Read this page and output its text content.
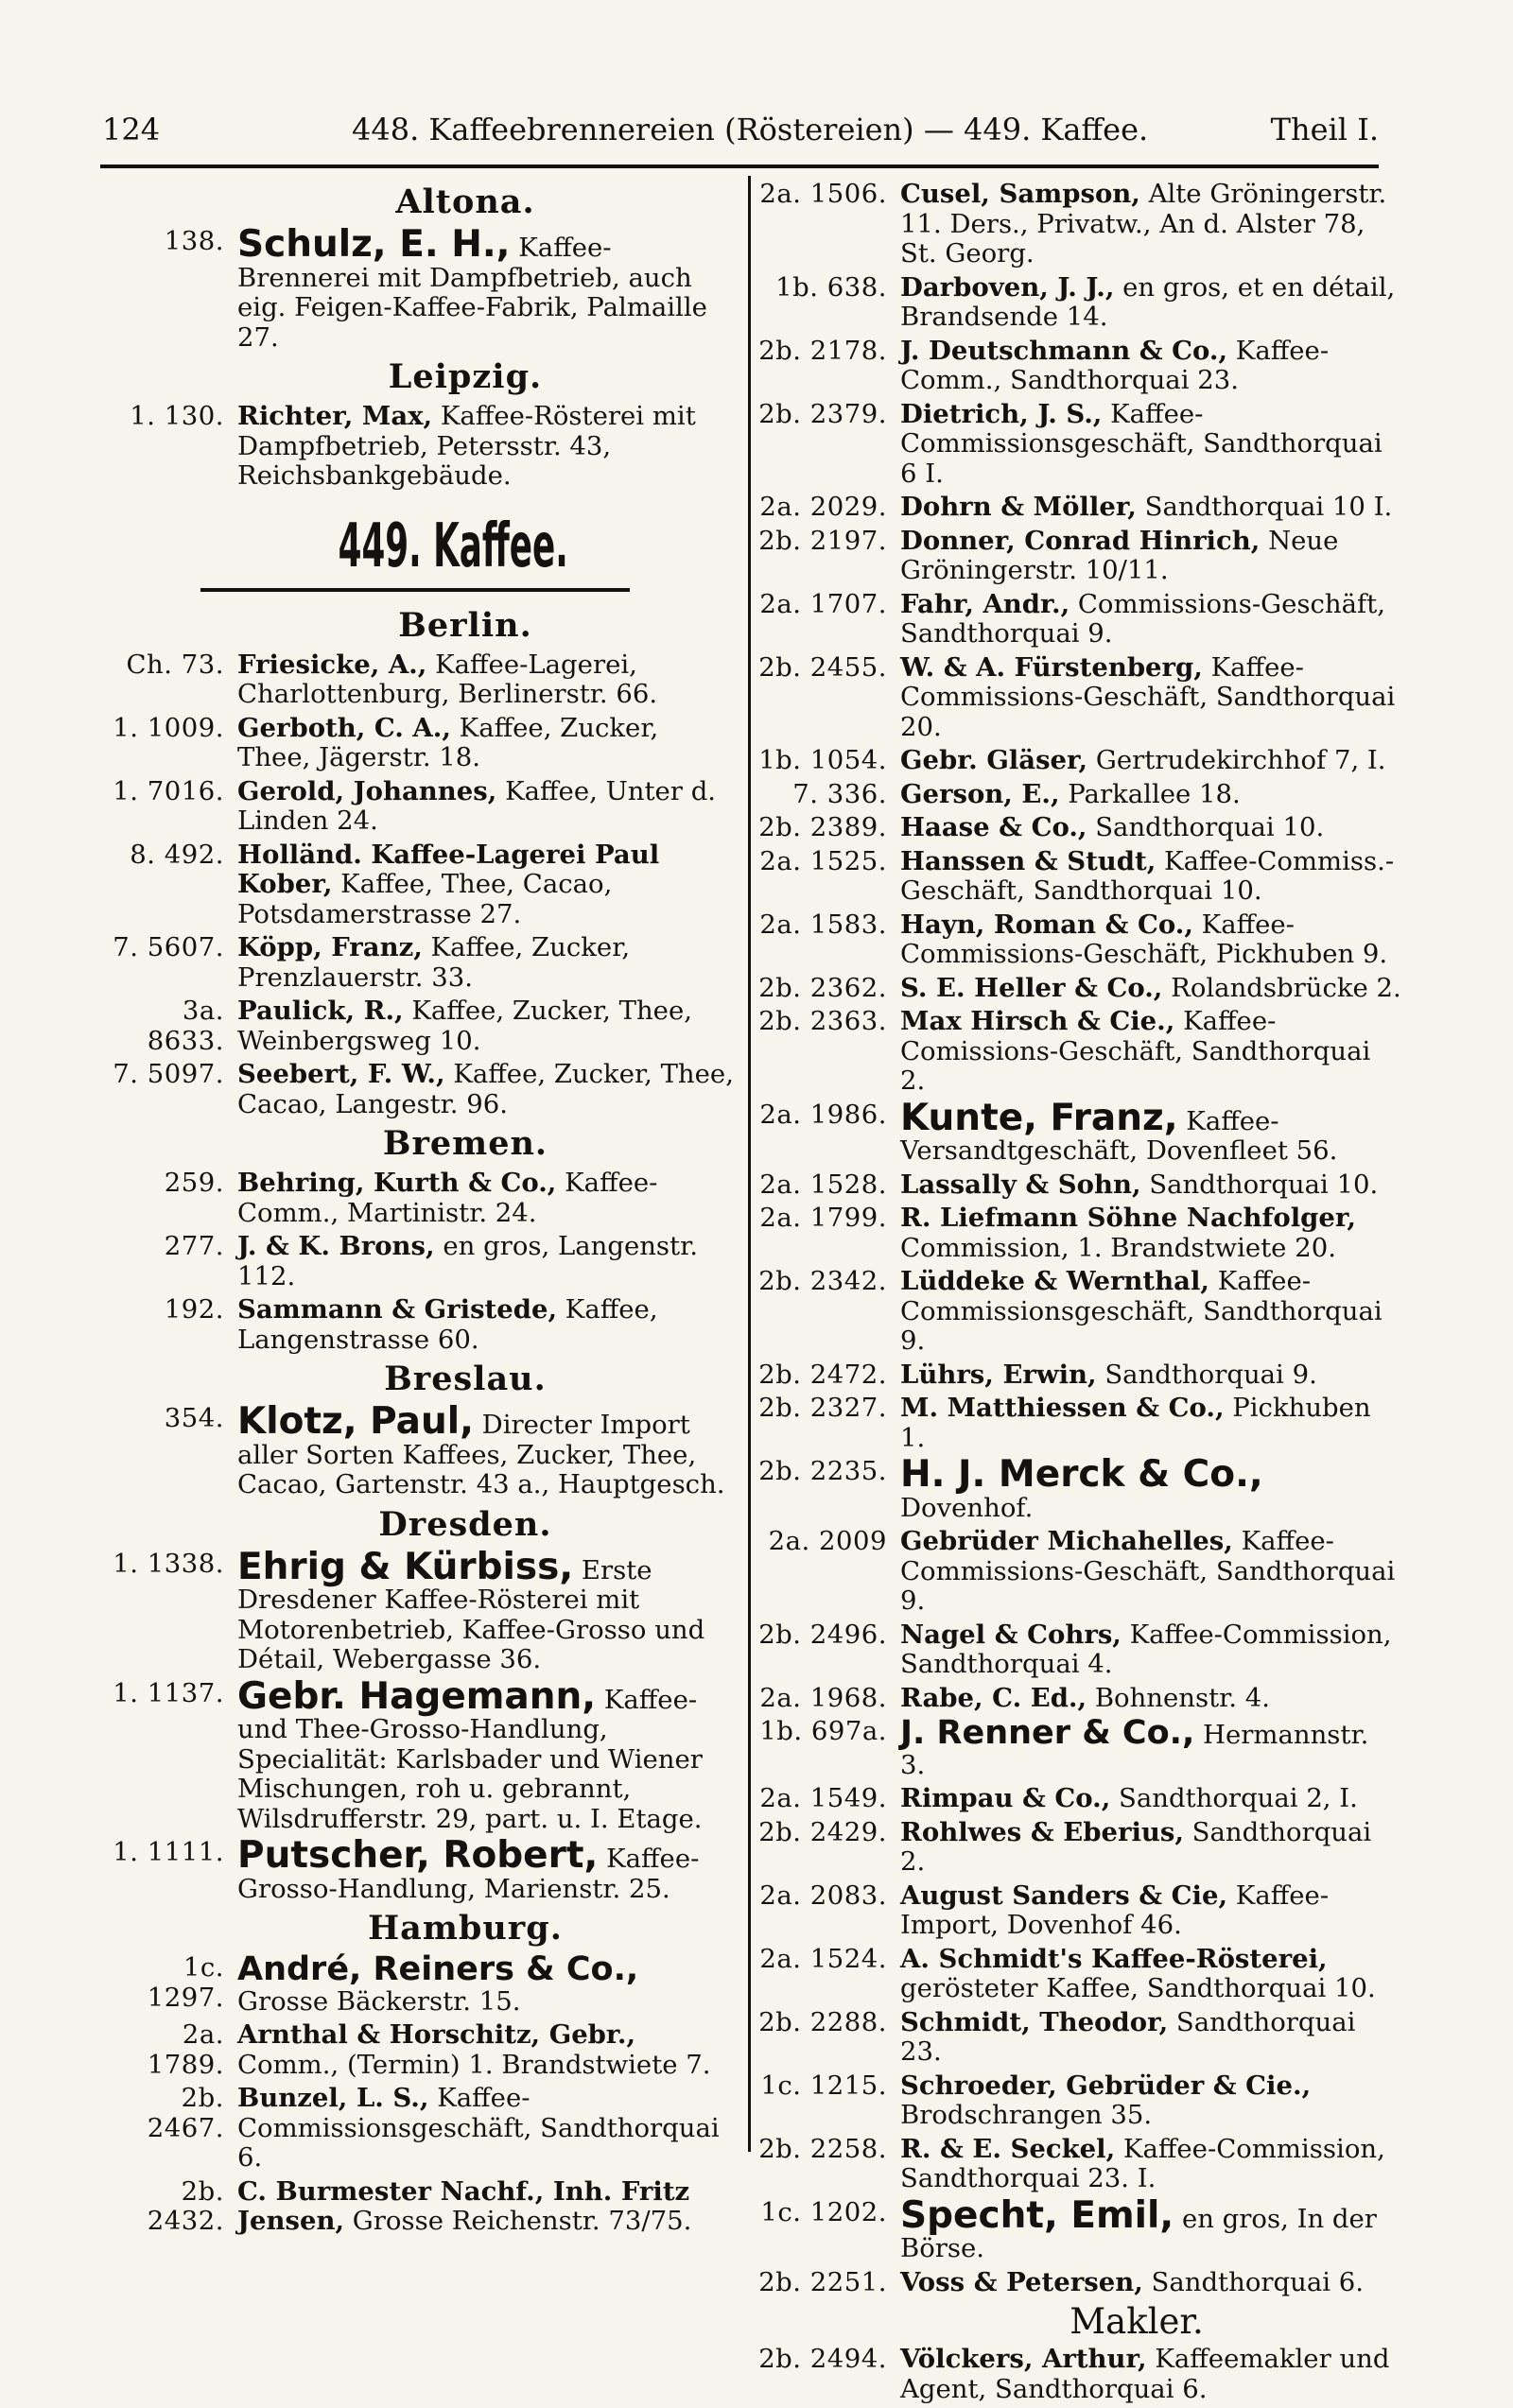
124	448. Kaffeebrennereien (Röstereien) — 449. Kaffee.	Theil I.
Altona.
138. Schulz, E. H., Kaffee-Brennerei mit Dampfbetrieb, auch eig. Feigen-Kaffee-Fabrik, Palmaille 27.
Leipzig.
1. 130. Richter, Max, Kaffee-Rösterei mit Dampfbetrieb, Petersstr. 43, Reichsbankgebäude.
449. Kaffee.
Berlin.
Ch. 73. Friesicke, A., Kaffee-Lagerei, Charlottenburg, Berlinerstr. 66.
1. 1009. Gerboth, C. A., Kaffee, Zucker, Thee, Jägerstr. 18.
1. 7016. Gerold, Johannes, Kaffee, Unter d. Linden 24.
8. 492. Holländ. Kaffee-Lagerei Paul Kober, Kaffee, Thee, Cacao, Potsdamerstrasse 27.
7. 5607. Köpp, Franz, Kaffee, Zucker, Prenzlauerstr. 33.
3a. 8633.
Paulick, R., Kaffee, Zucker, Thee, Weinbergsweg 10.
7. 5097. Seebert, F. W., Kaffee, Zucker, Thee, Cacao, Langestr. 96.
Bremen.
259. Behring, Kurth & Co., Kaffee-Comm., Martinistr. 24.
277. J. & K. Brons, en gros, Langenstr. 112.
192. Sammann & Gristede, Kaffee, Langenstrasse 60.
Breslau.
354. Klotz, Paul, Directer Import aller Sorten Kaffees, Zucker, Thee, Cacao, Gartenstr. 43 a., Hauptgesch.
Dresden.
1. 1338. Ehrig & Kürbiss, Erste Dresdener Kaffee-Rösterei mit Motorenbetrieb, Kaffee-Grosso und Détail, Webergasse 36.
1. 1137. Gebr. Hagemann, Kaffee- und Thee-Grosso-Handlung, Specialität: Karlsbader und Wiener Mischungen, roh u. gebrannt, Wilsdrufferstr. 29, part. u. I. Etage.
1. 1111. Putscher, Robert, Kaffee-Grosso-Handlung, Marienstr. 25.
Hamburg.
1c. 1297.
André, Reiners & Co., Grosse Bäckerstr. 15.
2a. 1789.
Arnthal & Horschitz, Gebr., Comm., (Termin) 1. Brandstwiete 7.
2b. 2467.
Bunzel, L. S., Kaffee-Commissionsgeschäft, Sandthorquai 6.
2b. 2432.
C. Burmester Nachf., Inh. Fritz Jensen, Grosse Reichenstr. 73/75.
2a. 1506. Cusel, Sampson, Alte Gröningerstr. 11. Ders., Privatw., An d. Alster 78, St. Georg.
1b. 638. Darboven, J. J., en gros, et en détail, Brandsende 14.
2b. 2178. J. Deutschmann & Co., Kaffee-Comm., Sandthorquai 23.
2b. 2379. Dietrich, J. S., Kaffee-Commissionsgeschäft, Sandthorquai 6 I.
2a. 2029. Dohrn & Möller, Sandthorquai 10 I.
2b. 2197. Donner, Conrad Hinrich, Neue Gröningerstr. 10/11.
2a. 1707. Fahr, Andr., Commissions-Geschäft, Sandthorquai 9.
2b. 2455. W. & A. Fürstenberg, Kaffee-Commissions-Geschäft, Sandthorquai 20.
1b. 1054. Gebr. Gläser, Gertrudekirchhof 7, I.
7. 336. Gerson, E., Parkallee 18.
2b. 2389. Haase & Co., Sandthorquai 10.
2a. 1525. Hanssen & Studt, Kaffee-Commiss.-Geschäft, Sandthorquai 10.
2a. 1583. Hayn, Roman & Co., Kaffee-Commissions-Geschäft, Pickhuben 9.
2b. 2362. S. E. Heller & Co., Rolandsbrücke 2.
2b. 2363. Max Hirsch & Cie., Kaffee-Comissions-Geschäft, Sandthorquai 2.
2a. 1986. Kunte, Franz, Kaffee-Versandtgeschäft, Dovenfleet 56.
2a. 1528. Lassally & Sohn, Sandthorquai 10.
2a. 1799. R. Liefmann Söhne Nachfolger, Commission, 1. Brandstwiete 20.
2b. 2342. Lüddeke & Wernthal, Kaffee-Commissionsgeschäft, Sandthorquai 9.
2b. 2472. Lührs, Erwin, Sandthorquai 9.
2b. 2327. M. Matthiessen & Co., Pickhuben 1.
2b. 2235. H. J. Merck & Co., Dovenhof.
2a. 2009 Gebrüder Michahelles, Kaffee-Commissions-Geschäft, Sandthorquai 9.
2b. 2496. Nagel & Cohrs, Kaffee-Commission, Sandthorquai 4.
2a. 1968. Rabe, C. Ed., Bohnenstr. 4.
1b. 697a. J. Renner & Co., Hermannstr. 3.
2a. 1549. Rimpau & Co., Sandthorquai 2, I.
2b. 2429. Rohlwes & Eberius, Sandthorquai 2.
2a. 2083. August Sanders & Cie, Kaffee-Import, Dovenhof 46.
2a. 1524. A. Schmidt's Kaffee-Rösterei, gerösteter Kaffee, Sandthorquai 10.
2b. 2288. Schmidt, Theodor, Sandthorquai 23.
1c. 1215. Schroeder, Gebrüder & Cie., Brodschrangen 35.
2b. 2258. R. & E. Seckel, Kaffee-Commission, Sandthorquai 23. I.
1c. 1202. Specht, Emil, en gros, In der Börse.
2b. 2251. Voss & Petersen, Sandthorquai 6.
Makler.
2b. 2494. Völckers, Arthur, Kaffeemakler und Agent, Sandthorquai 6.
